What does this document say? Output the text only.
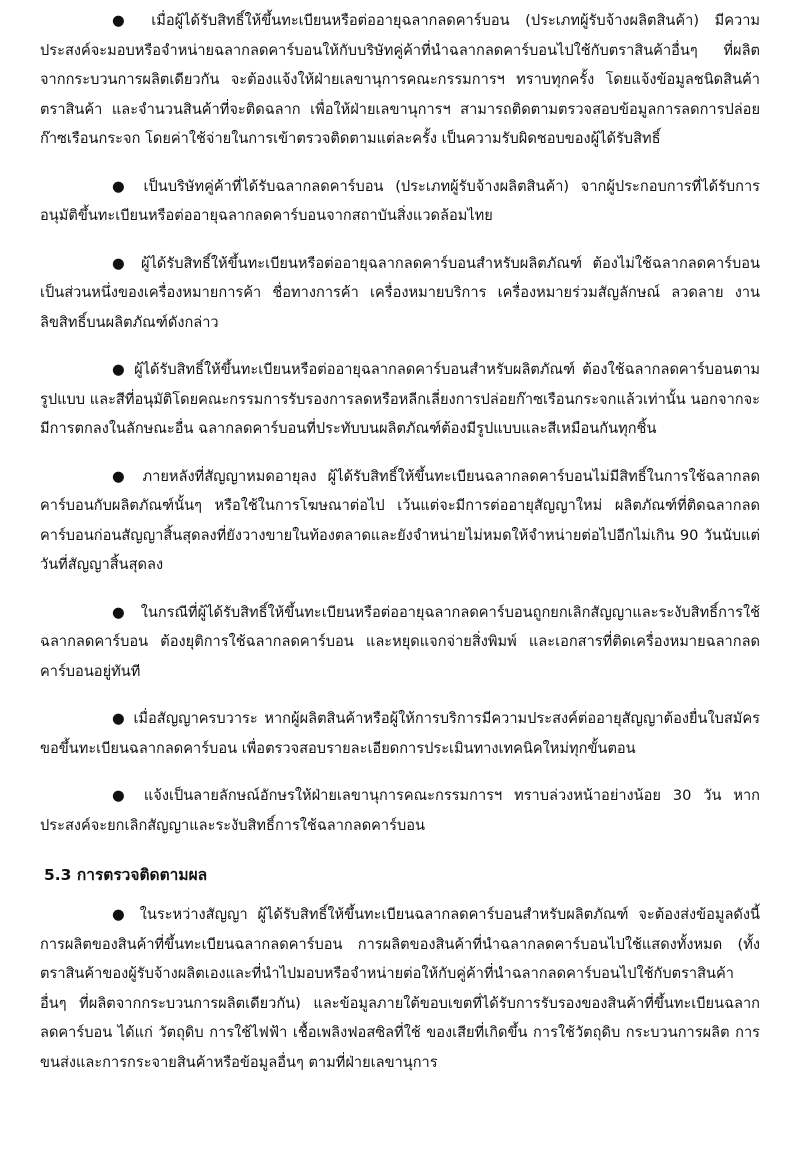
● เมื่อผู้ได้รับสิทธิ์ให้ขึ้นทะเบียนหรือต่ออายุฉลากลดคาร์บอน (ประเภทผู้รับจ้างผลิตสินค้า) มีความประสงค์จะมอบหรือจำหน่ายฉลากลดคาร์บอนให้กับบริษัทคู่ค้าที่นำฉลากลดคาร์บอนไปใช้กับตราสินค้าอื่นๆ ที่ผลิตจากกระบวนการผลิตเดียวกัน จะต้องแจ้งให้ฝ่ายเลขานุการคณะกรรมการฯ ทราบทุกครั้ง โดยแจ้งข้อมูลชนิดสินค้า ตราสินค้า และจำนวนสินค้าที่จะติดฉลาก เพื่อให้ฝ่ายเลขานุการฯ สามารถติดตามตรวจสอบข้อมูลการลดการปล่อยก๊าซเรือนกระจก โดยค่าใช้จ่ายในการเข้าตรวจติดตามแต่ละครั้ง เป็นความรับผิดชอบของผู้ได้รับสิทธิ์

● เป็นบริษัทคู่ค้าที่ได้รับฉลากลดคาร์บอน (ประเภทผู้รับจ้างผลิตสินค้า) จากผู้ประกอบการที่ได้รับการอนุมัติขึ้นทะเบียนหรือต่ออายุฉลากลดคาร์บอนจากสถาบันสิ่งแวดล้อมไทย

● ผู้ได้รับสิทธิ์ให้ขึ้นทะเบียนหรือต่ออายุฉลากลดคาร์บอนสำหรับผลิตภัณฑ์ ต้องไม่ใช้ฉลากลดคาร์บอนเป็นส่วนหนึ่งของเครื่องหมายการค้า ชื่อทางการค้า เครื่องหมายบริการ เครื่องหมายร่วมสัญลักษณ์ ลวดลาย งานลิขสิทธิ์บนผลิตภัณฑ์ดังกล่าว

● ผู้ได้รับสิทธิ์ให้ขึ้นทะเบียนหรือต่ออายุฉลากลดคาร์บอนสำหรับผลิตภัณฑ์ ต้องใช้ฉลากลดคาร์บอนตามรูปแบบ และสีที่อนุมัติโดยคณะกรรมการรับรองการลดหรือหลีกเลี่ยงการปล่อยก๊าซเรือนกระจกแล้วเท่านั้น นอกจากจะมีการตกลงในลักษณะอื่น ฉลากลดคาร์บอนที่ประทับบนผลิตภัณฑ์ต้องมีรูปแบบและสีเหมือนกันทุกชิ้น

● ภายหลังที่สัญญาหมดอายุลง ผู้ได้รับสิทธิ์ให้ขึ้นทะเบียนฉลากลดคาร์บอนไม่มีสิทธิ์ในการใช้ฉลากลดคาร์บอนกับผลิตภัณฑ์นั้นๆ หรือใช้ในการโฆษณาต่อไป เว้นแต่จะมีการต่ออายุสัญญาใหม่ ผลิตภัณฑ์ที่ติดฉลากลดคาร์บอนก่อนสัญญาสิ้นสุดลงที่ยังวางขายในท้องตลาดและยังจำหน่ายไม่หมดให้จำหน่ายต่อไปอีกไม่เกิน 90 วันนับแต่วันที่สัญญาสิ้นสุดลง

● ในกรณีที่ผู้ได้รับสิทธิ์ให้ขึ้นทะเบียนหรือต่ออายุฉลากลดคาร์บอนถูกยกเลิกสัญญาและระงับสิทธิ์การใช้ฉลากลดคาร์บอน ต้องยุติการใช้ฉลากลดคาร์บอน และหยุดแจกจ่ายสิ่งพิมพ์ และเอกสารที่ติดเครื่องหมายฉลากลดคาร์บอนอยู่ทันที

● เมื่อสัญญาครบวาระ หากผู้ผลิตสินค้าหรือผู้ให้การบริการมีความประสงค์ต่ออายุสัญญาต้องยื่นใบสมัครขอขึ้นทะเบียนฉลากลดคาร์บอน เพื่อตรวจสอบรายละเอียดการประเมินทางเทคนิคใหม่ทุกขั้นตอน

● แจ้งเป็นลายลักษณ์อักษรให้ฝ่ายเลขานุการคณะกรรมการฯ ทราบล่วงหน้าอย่างน้อย 30 วัน หากประสงค์จะยกเลิกสัญญาและระงับสิทธิ์การใช้ฉลากลดคาร์บอน

5.3 การตรวจติดตามผล

● ในระหว่างสัญญา ผู้ได้รับสิทธิ์ให้ขึ้นทะเบียนฉลากลดคาร์บอนสำหรับผลิตภัณฑ์ จะต้องส่งข้อมูลดังนี้ การผลิตของสินค้าที่ขึ้นทะเบียนฉลากลดคาร์บอน การผลิตของสินค้าที่นำฉลากลดคาร์บอนไปใช้แสดงทั้งหมด (ทั้งตราสินค้าของผู้รับจ้างผลิตเองและที่นำไปมอบหรือจำหน่ายต่อให้กับคู่ค้าที่นำฉลากลดคาร์บอนไปใช้กับตราสินค้าอื่นๆ ที่ผลิตจากกระบวนการผลิตเดียวกัน) และข้อมูลภายใต้ขอบเขตที่ได้รับการรับรองของสินค้าที่ขึ้นทะเบียนฉลากลดคาร์บอน ได้แก่ วัตถุดิบ การใช้ไฟฟ้า เชื้อเพลิงฟอสซิลที่ใช้ ของเสียที่เกิดขึ้น การใช้วัตถุดิบ กระบวนการผลิต การขนส่งและการกระจายสินค้าหรือข้อมูลอื่นๆ ตามที่ฝ่ายเลขานุการ
